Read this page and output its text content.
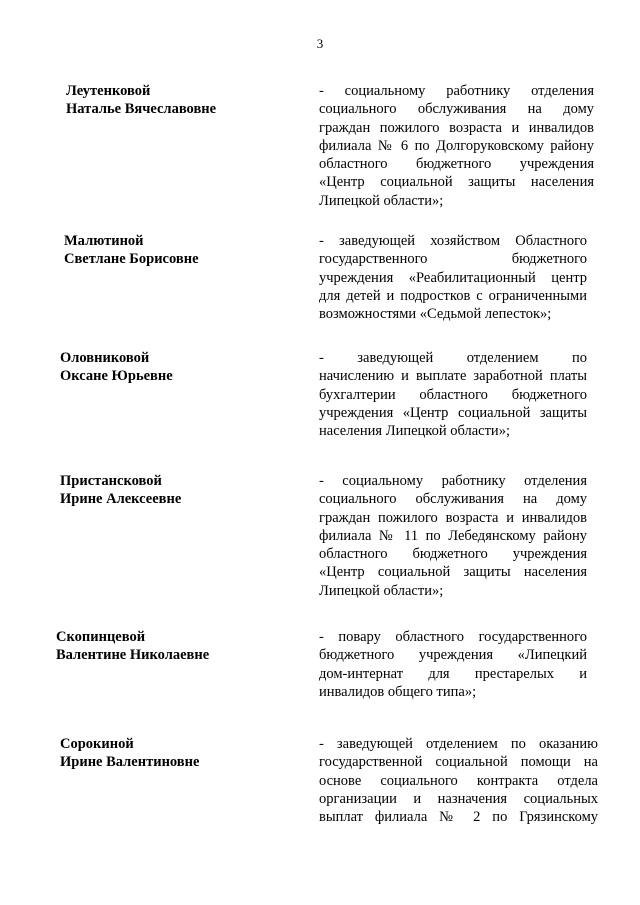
3
Леутенковой
Наталье Вячеславовне
- социальному работнику отделения
социального обслуживания на дому
граждан пожилого возраста и инвалидов
филиала № 6 по Долгоруковскому району
областного бюджетного учреждения
«Центр социальной защиты населения
Липецкой области»;
Малютиной
Светлане Борисовне
- заведующей хозяйством Областного
государственного бюджетного
учреждения «Реабилитационный центр
для детей и подростков с ограниченными
возможностями «Седьмой лепесток»;
Оловниковой
Оксане Юрьевне
- заведующей отделением по
начислению и выплате заработной платы
бухгалтерии областного бюджетного
учреждения «Центр социальной защиты
населения Липецкой области»;
Пристансковой
Ирине Алексеевне
- социальному работнику отделения
социального обслуживания на дому
граждан пожилого возраста и инвалидов
филиала № 11 по Лебедянскому району
областного бюджетного учреждения
«Центр социальной защиты населения
Липецкой области»;
Скопинцевой
Валентине Николаевне
- повару областного государственного
бюджетного учреждения «Липецкий
дом-интернат для престарелых и
инвалидов общего типа»;
Сорокиной
Ирине Валентиновне
- заведующей отделением по оказанию
государственной социальной помощи на
основе социального контракта отдела
организации и назначения социальных
выплат филиала № 2 по Грязинскому
